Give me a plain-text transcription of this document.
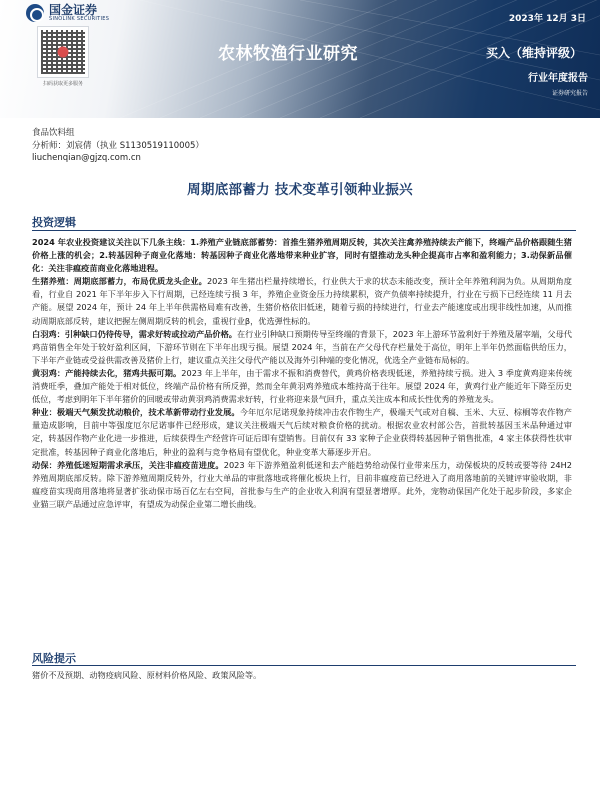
国金证券
SINOLINK SECURITIES
扫码获取更多服务
2023年 12月 3日
农林牧渔行业研究	买入（维持评级）
行业年度报告
证券研究报告
食品饮料组
分析师：刘宸倩（执业 S1130519110005）
liuchenqian@gjzq.com.cn
周期底部蓄力 技术变革引领种业振兴
投资逻辑

2024 年农业投资建议关注以下几条主线：1.养殖产业链底部蓄势：首推生猪养殖周期反转，其次关注禽养殖持续去产能下，终端产品价格跟随生猪价格上涨的机会；2.转基因种子商业化落地：转基因种子商业化落地带来种业扩容，同时有望推动龙头种企提高市占率和盈利能力；3.动保新品催化：关注非瘟疫苗商业化落地进程。

生猪养殖：周期底部蓄力，布局优质龙头企业。2023 年生猪出栏量持续增长，行业供大于求的状态未能改变，预计全年养殖利润为负。从周期角度看，行业自 2021 年下半年步入下行周期，已经连续亏损 3 年，养殖企业资金压力持续累积，资产负债率持续提升，行业在亏损下已经连续 11 月去产能。展望 2024 年，预计 24 年上半年供需格局难有改善，生猪价格依旧低迷，随着亏损的持续进行，行业去产能速度或出现非线性加速，从而推动周期底部反转，建议把握左侧周期反转的机会，重视行业β，优选弹性标的。

白羽鸡：引种缺口仍待传导，需求好转或拉动产品价格。在行业引种缺口预期传导至终端的背景下，2023 年上游环节盈利好于养殖及屠宰端，父母代鸡苗销售全年处于较好盈利区间，下游环节则在下半年出现亏损。展望 2024 年，当前在产父母代存栏量处于高位，明年上半年仍然面临供给压力，下半年产业链或受益供需改善及猪价上行，建议重点关注父母代产能以及海外引种端的变化情况，优选全产业链布局标的。

黄羽鸡：产能持续去化，猪鸡共振可期。2023 年上半年，由于需求不振和消费替代，黄鸡价格表现低迷，养殖持续亏损。进入 3 季度黄鸡迎来传统消费旺季，叠加产能处于相对低位，终端产品价格有所反弹，然而全年黄羽鸡养殖成本维持高于往年。展望 2024 年，黄鸡行业产能近年下降至历史低位，考虑到明年下半年猪价的回暖或带动黄羽鸡消费需求好转，行业将迎来景气回升，重点关注成本和成长性优秀的养殖龙头。

种业：极端天气频发扰动粮价，技术革新带动行业发展。今年厄尔尼诺现象持续冲击农作物生产，极端天气或对自稿、玉米、大豆、棕榈等农作物产量造成影响，目前中等强度厄尔尼诺事件已经形成，建议关注极端天气后续对粮食价格的扰动。根据农业农村部公告，首批转基因玉米品种通过审定，转基因作物产业化进一步推进，后续获得生产经营许可证后即有望销售。目前仅有 33 家种子企业获得转基因种子销售批准，4 家主体获得性状审定批准，转基因种子商业化落地后，种业的盈利与竞争格局有望优化，种业变革大幕逐步开启。

动保：养殖低迷短期需求承压，关注非瘟疫苗进度。2023 年下游养殖盈利低迷和去产能趋势给动保行业带来压力，动保板块的反转或要等待 24H2 养殖周期底部反转。除下游养殖周期反转外，行业大单品的审批落地或将催化板块上行，目前非瘟疫苗已经进入了商用落地前的关键评审验收期，非瘟疫苗实现商用落地将显著扩张动保市场百亿左右空间，首批参与生产的企业收入利润有望显著增厚。此外，宠物动保国产化处于起步阶段，多家企业猫三联产品通过应急评审，有望成为动保企业第二增长曲线。

风险提示
猪价不及预期、动物疫病风险、原材料价格风险、政策风险等。
